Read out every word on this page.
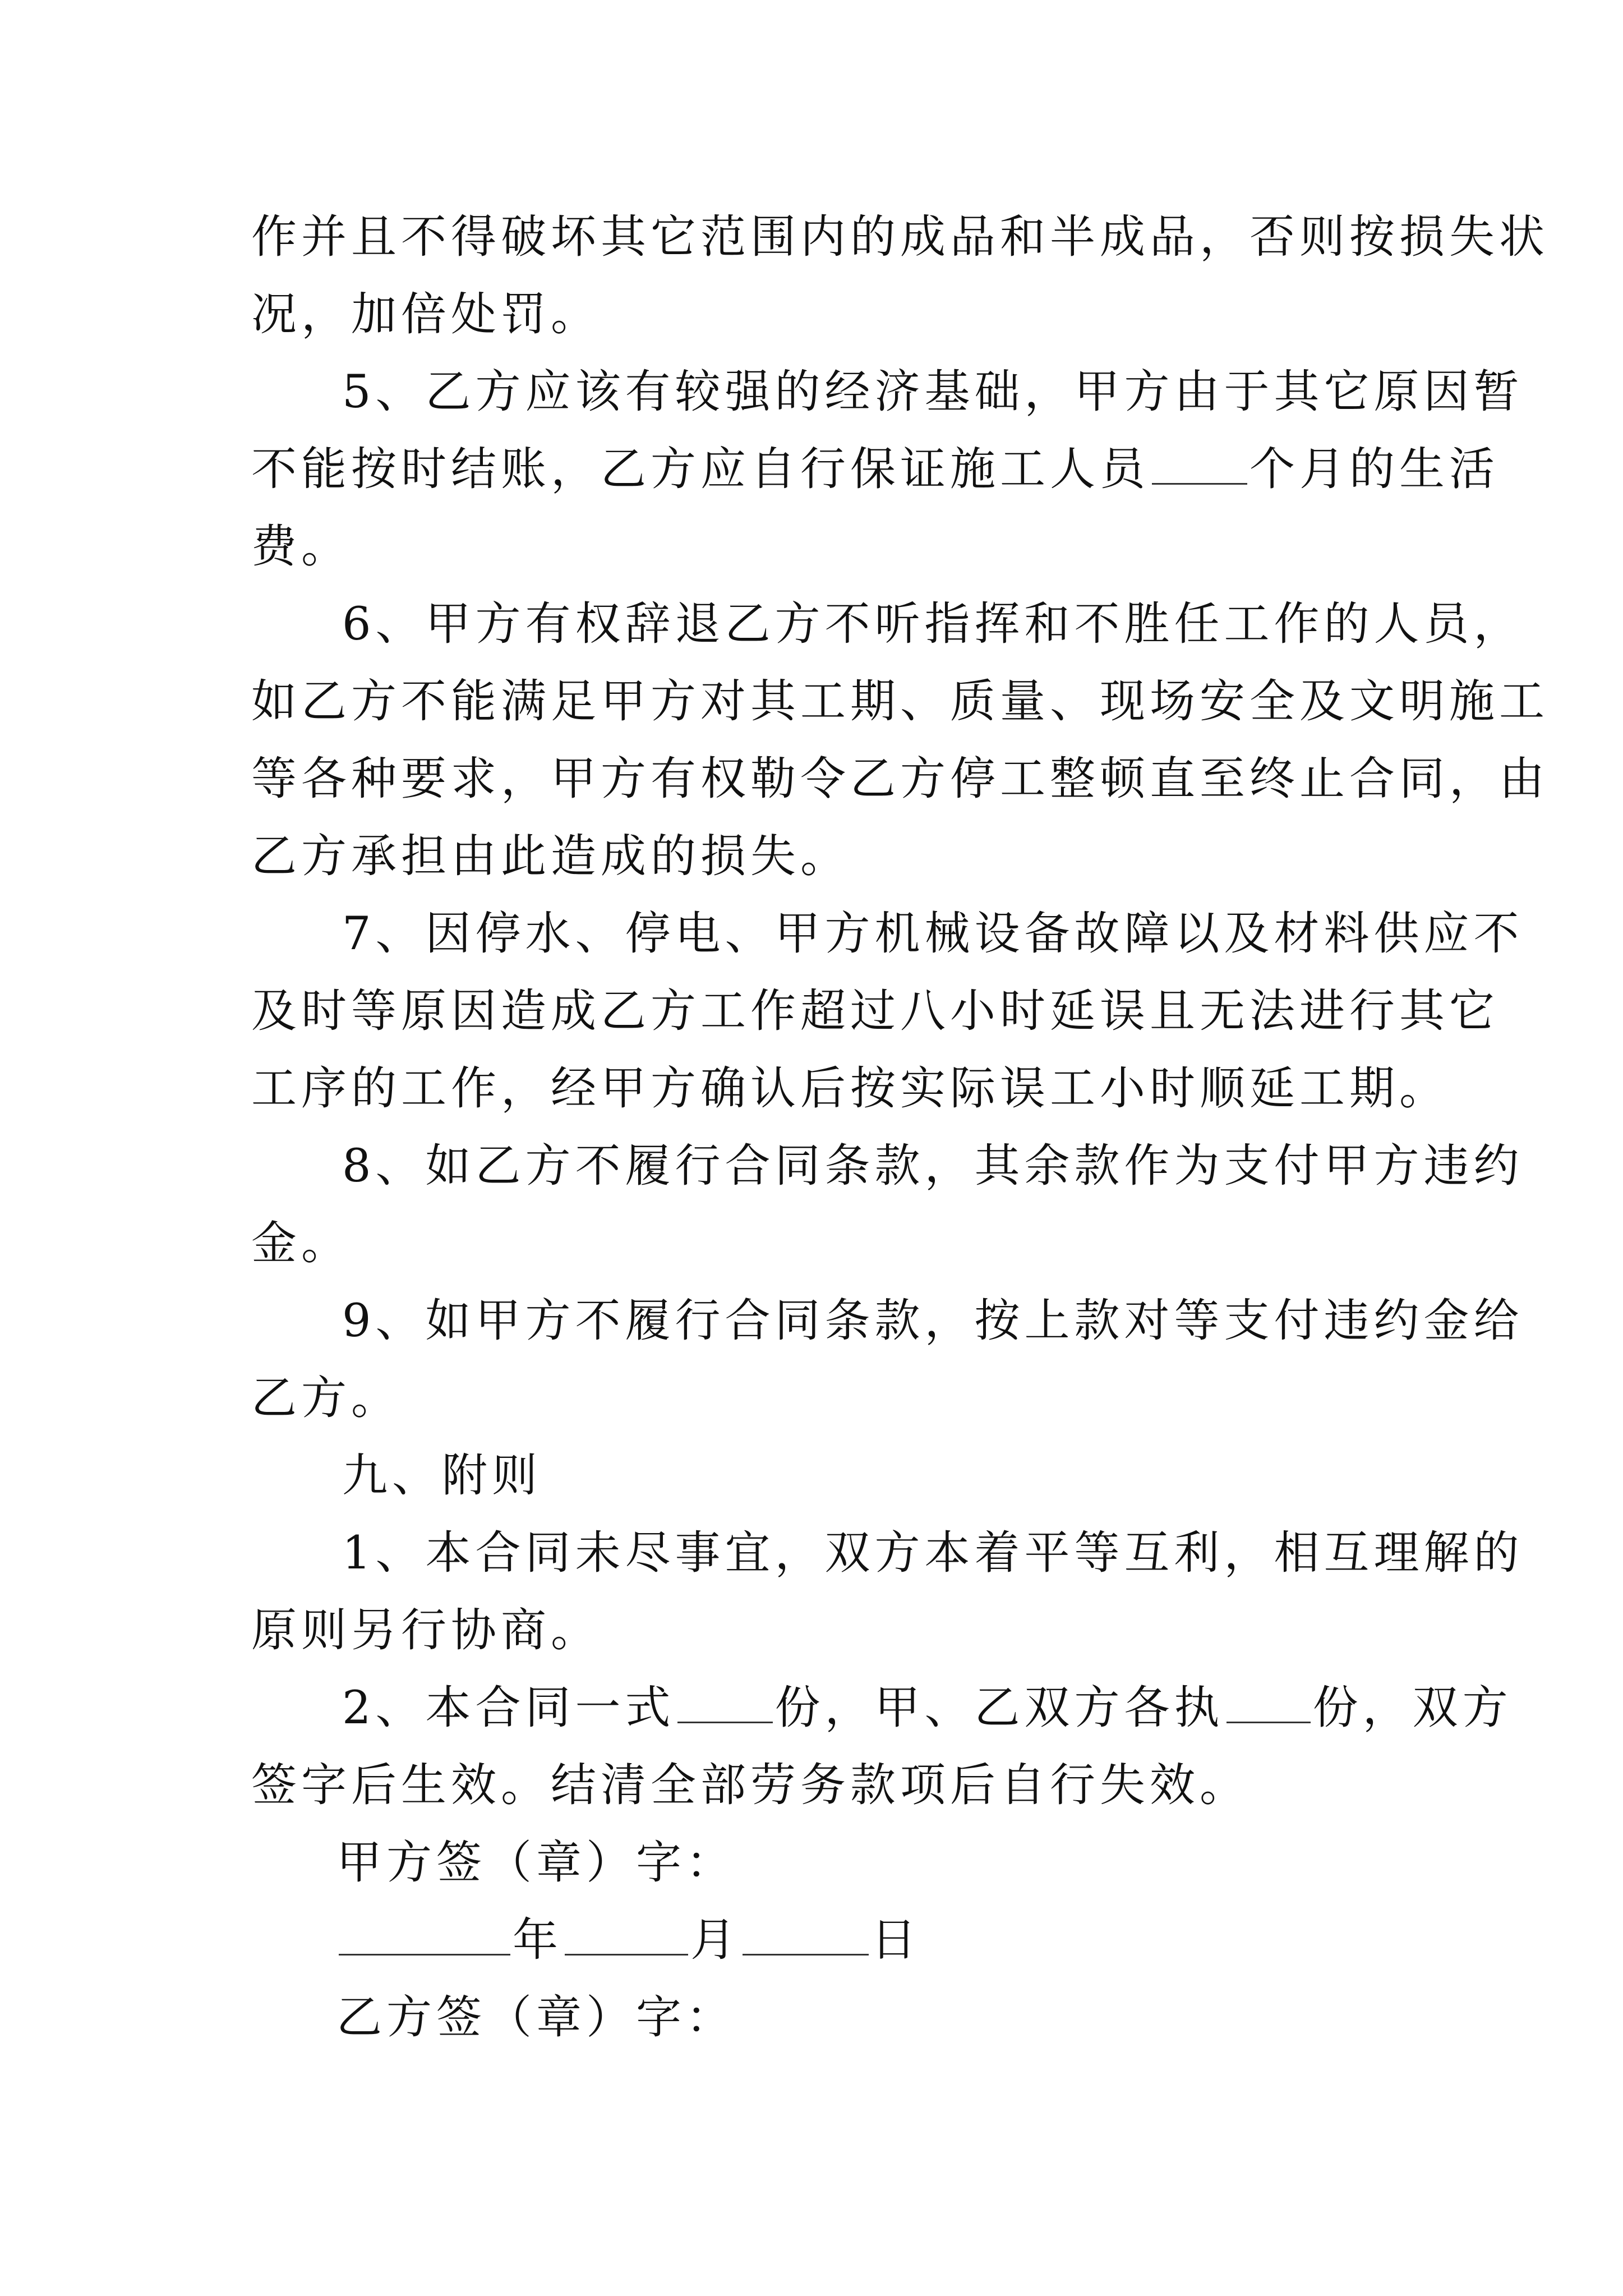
作并且不得破坏其它范围内的成品和半成品，否则按损失状
况，加倍处罚。

5、乙方应该有较强的经济基础，甲方由于其它原因暂
不能按时结账，乙方应自行保证施工人员 个月的生活
费。

6、甲方有权辞退乙方不听指挥和不胜任工作的人员，
如乙方不能满足甲方对其工期、质量、现场安全及文明施工
等各种要求，甲方有权勒令乙方停工整顿直至终止合同，由
乙方承担由此造成的损失。

7、因停水、停电、甲方机械设备故障以及材料供应不
及时等原因造成乙方工作超过八小时延误且无法进行其它
工序的工作，经甲方确认后按实际误工小时顺延工期。

8、如乙方不履行合同条款，其余款作为支付甲方违约
金。

9、如甲方不履行合同条款，按上款对等支付违约金给
乙方。

九、附则

1、本合同未尽事宜，双方本着平等互利，相互理解的
原则另行协商。

2、本合同一式 份，甲、乙双方各执 份，双方
签字后生效。结清全部劳务款项后自行失效。

甲方签（章）字：

年	月	日

乙方签（章）字：
